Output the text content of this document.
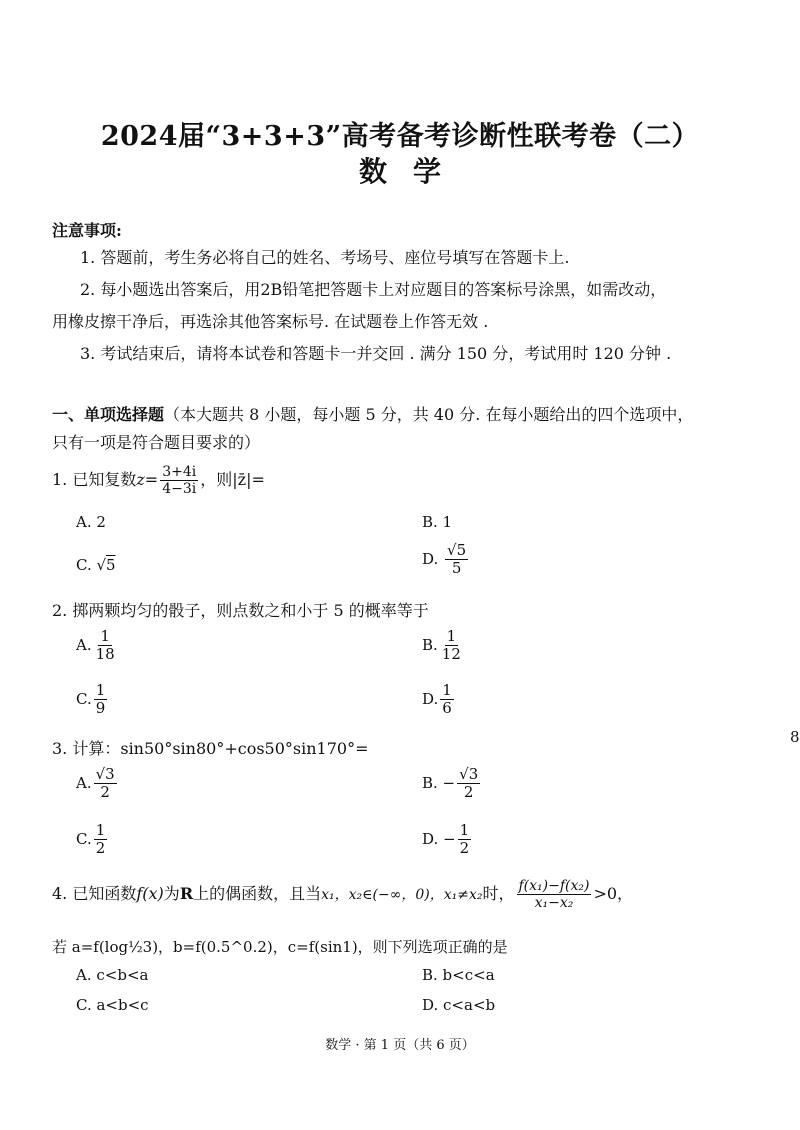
2024届“3+3+3”高考备考诊断性联考卷（二）
数学
注意事项:
1. 答题前，考生务必将自己的姓名、考场号、座位号填写在答题卡上.
2. 每小题选出答案后，用2B铅笔把答题卡上对应题目的答案标号涂黑，如需改动，
用橡皮擦干净后，再选涂其他答案标号. 在试题卷上作答无效 .
3. 考试结束后，请将本试卷和答题卡一并交回 . 满分 150 分，考试用时 120 分钟 .
一、单项选择题（本大题共 8 小题，每小题 5 分，共 40 分. 在每小题给出的四个选项中，
只有一项是符合题目要求的）
1. 已知复数$z= \frac{3+4i}{4-3i}$ ，则|z̄|=
A. 2	B. 1
C. √5	D. $\frac{√5}{5}$
2. 掷两颗均匀的骰子，则点数之和小于 5 的概率等于
A. $\frac{1}{18}$	B. $\frac{1}{12}$
C. $\frac{1}{9}$	D. $\frac{1}{6}$
3. 计算：sin50°sin80°+cos50°sin170°=
A. $\frac{√3}{2}$	B. − $\frac{√3}{2}$
C. $\frac{1}{2}$	D. − $\frac{1}{2}$
4. 已知函数f(x)为R上的偶函数，且当x₁，x₂∈(−∞，0)，x₁≠x₂时， $\frac{\text{f(x₁)−f(x₂)}}{\text{x₁−x₂}} >0$，
若 a=f(log½3)，b=f(0.5^0.2)，c=f(sin1)，则下列选项正确的是
A. c<b<a	B. b<c<a
C. a<b<c	D. c<a<b
数学 · 第 1 页（共 6 页）
8
